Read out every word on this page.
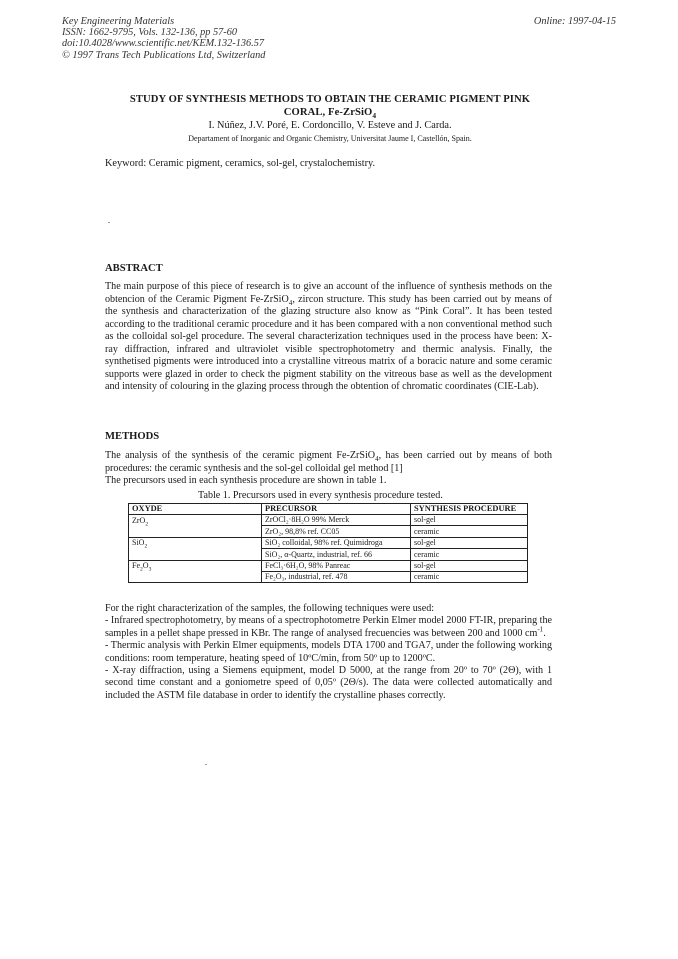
Key Engineering Materials
ISSN: 1662-9795, Vols. 132-136, pp 57-60
doi:10.4028/www.scientific.net/KEM.132-136.57
© 1997 Trans Tech Publications Ltd, Switzerland
Online: 1997-04-15
STUDY OF SYNTHESIS METHODS TO OBTAIN THE CERAMIC PIGMENT PINK
CORAL, Fe-ZrSiO$_4$
I. Núñez, J.V. Poré, E. Cordoncillo, V. Esteve and J. Carda.
Departament of Inorganic and Organic Chemistry, Universitat Jaume I, Castellón, Spain.
Keyword: Ceramic pigment, ceramics, sol-gel, crystalochemistry.
ABSTRACT

The main purpose of this piece of research is to give an account of the influence of synthesis methods on the obtencion of the Ceramic Pigment Fe-ZrSiO$_4$, zircon structure. This study has been carried out by means of the synthesis and characterization of the glazing structure also know as “Pink Coral”. It has been tested according to the traditional ceramic procedure and it has been compared with a non conventional method such as the colloidal sol-gel procedure. The several characterization techniques used in the process have been: X-ray diffraction, infrared and ultraviolet visible spectrophotometry and thermic analysis. Finally, the synthetised pigments were introduced into a crystalline vitreous matrix of a boracic nature and some ceramic supports were glazed in order to check the pigment stability on the vitreous base as well as the development and intensity of colouring in the glazing process through the obtention of chromatic coordinates (CIE-Lab).

METHODS

The analysis of the synthesis of the ceramic pigment Fe-ZrSiO$_4$, has been carried out by means of both procedures: the ceramic synthesis and the sol-gel colloidal gel method [1]

The precursors used in each synthesis procedure are shown in table 1.

Table 1. Precursors used in every synthesis procedure tested.
OXYDE	PRECURSOR	SYNTHESIS PROCEDURE
ZrO$_2$	ZrOCl₂·8H₂O 99% Merck	sol-gel
	ZrO₂, 98,8% ref. CC05	ceramic
SiO$_2$	SiO₂ colloidal, 98% ref. Quimidroga	sol-gel
	SiO₂, α-Quartz, industrial, ref. 66	ceramic
$Fe_2O_3$	FeCl₃·6H₂O, 98% Panreac	sol-gel
	Fe₂O₃, industrial, ref. 478	ceramic

For the right characterization of the samples, the following techniques were used:

- Infrared spectrophotometry, by means of a spectrophotometre Perkin Elmer model 2000 FT-IR, preparing the samples in a pellet shape pressed in KBr. The range of analysed frecuencies was between 200 and 1000 $cm^{-1}$.

- Thermic analysis with Perkin Elmer equipments, models DTA 1700 and TGA7, under the following working conditions: room temperature, heating speed of 10ºC/min, from 50º up to 1200ºC.

- X-ray diffraction, using a Siemens equipment, model D 5000, at the range from 20º to 70º (2Θ), with 1 second time constant and a goniometre speed of 0,05º (2Θ/s). The data were collected automatically and included the ASTM file database in order to identify the crystalline phases correctly.
